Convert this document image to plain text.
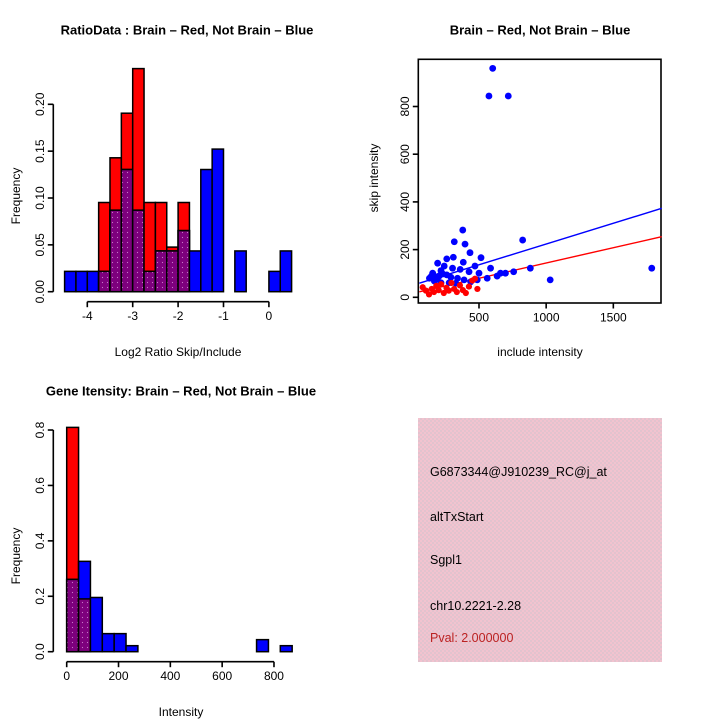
-4	-3	-2	-1	0
0.00
0.05
0.10
0.15
0.20
RatioData : Brain – Red, Not Brain – Blue
Log2 Ratio Skip/Include
Frequency
500	1000	1500
0
200
400
600
800
Brain – Red, Not Brain – Blue
include intensity
skip intensity
0	200	400	600	800
0.0
0.2
0.4
0.6
0.8
Gene Itensity: Brain – Red, Not Brain – Blue
Intensity
Frequency
G6873344@J910239_RC@j_at
altTxStart
Sgpl1
chr10.2221-2.28
Pval: 2.000000
